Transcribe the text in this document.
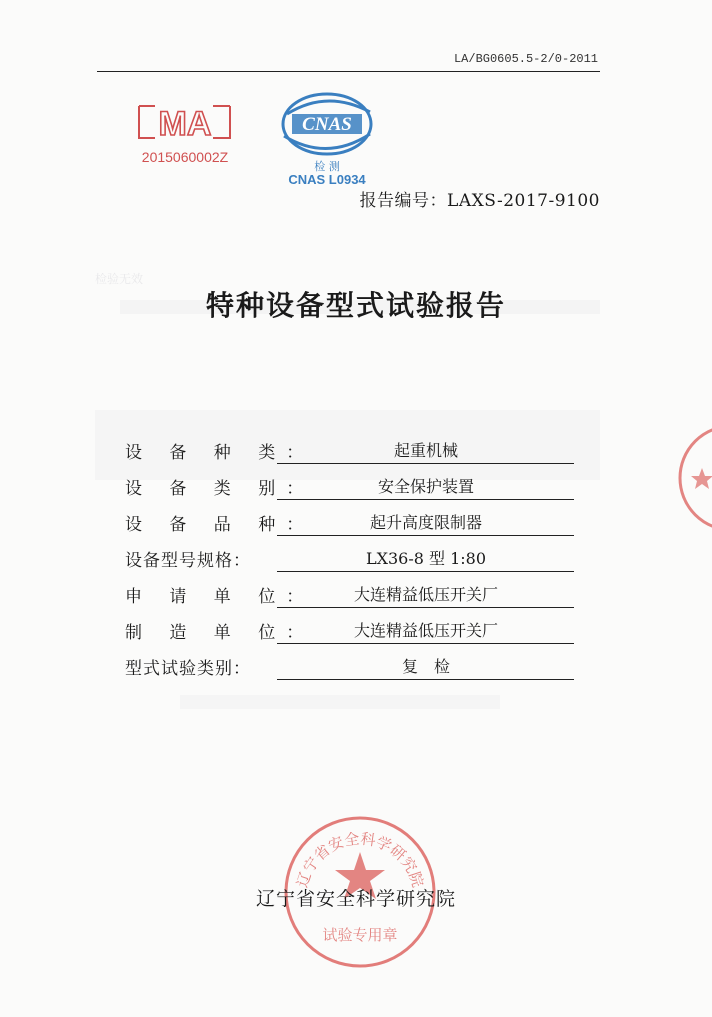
检验无效
LA/BG0605.5-2/0-2011
MA
2015060002Z
CNAS
检 测
CNAS L0934
报告编号：LAXS-2017-9100
特种设备型式试验报告
设 备 种 类：	起重机械
设 备 类 别：	安全保护装置
设 备 品 种：	起升高度限制器
设备型号规格：	LX36-8 型 1:80
申 请 单 位：	大连精益低压开关厂
制 造 单 位：	大连精益低压开关厂
型式试验类别：	复　检
辽宁省安全科学研究院
试验专用章
辽宁省安全科学研究院
